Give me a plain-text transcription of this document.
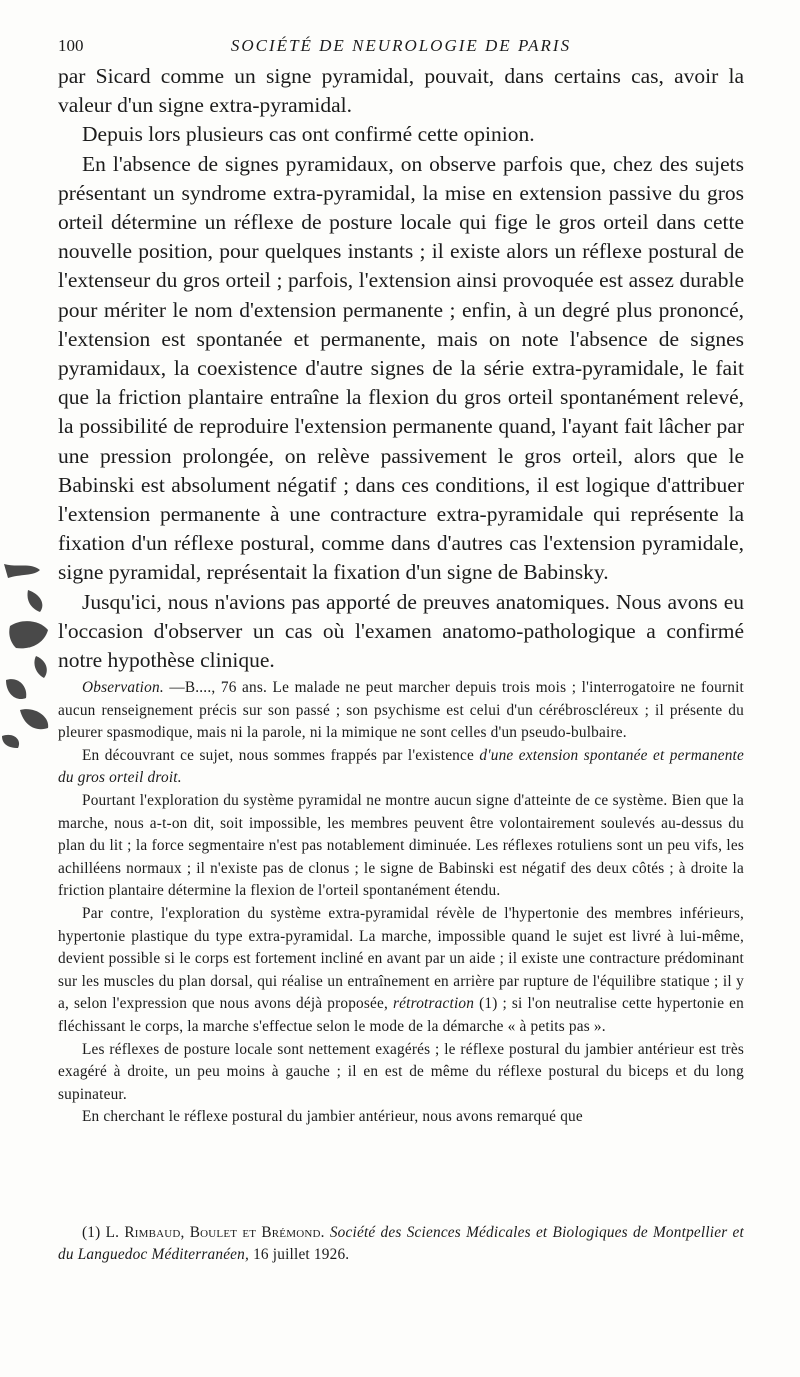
100	SOCIÉTÉ DE NEUROLOGIE DE PARIS

par Sicard comme un signe pyramidal, pouvait, dans certains cas, avoir la valeur d'un signe extra-pyramidal.

Depuis lors plusieurs cas ont confirmé cette opinion.

En l'absence de signes pyramidaux, on observe parfois que, chez des sujets présentant un syndrome extra-pyramidal, la mise en extension passive du gros orteil détermine un réflexe de posture locale qui fige le gros orteil dans cette nouvelle position, pour quelques instants ; il existe alors un réflexe postural de l'extenseur du gros orteil ; parfois, l'extension ainsi provoquée est assez durable pour mériter le nom d'extension permanente ; enfin, à un degré plus prononcé, l'extension est spontanée et permanente, mais on note l'absence de signes pyramidaux, la coexistence d'autre signes de la série extra-pyramidale, le fait que la friction plantaire entraîne la flexion du gros orteil spontanément relevé, la possibilité de reproduire l'extension permanente quand, l'ayant fait lâcher par une pression prolongée, on relève passivement le gros orteil, alors que le Babinski est absolument négatif ; dans ces conditions, il est logique d'attribuer l'extension permanente à une contracture extra-pyramidale qui représente la fixation d'un réflexe postural, comme dans d'autres cas l'extension pyramidale, signe pyramidal, représentait la fixation d'un signe de Babinsky.

Jusqu'ici, nous n'avions pas apporté de preuves anatomiques. Nous avons eu l'occasion d'observer un cas où l'examen anatomo-pathologique a confirmé notre hypothèse clinique.

Observation. —B...., 76 ans. Le malade ne peut marcher depuis trois mois ; l'interrogatoire ne fournit aucun renseignement précis sur son passé ; son psychisme est celui d'un cérébroscléreux ; il présente du pleurer spasmodique, mais ni la parole, ni la mimique ne sont celles d'un pseudo-bulbaire.

En découvrant ce sujet, nous sommes frappés par l'existence d'une extension spontanée et permanente du gros orteil droit.

Pourtant l'exploration du système pyramidal ne montre aucun signe d'atteinte de ce système. Bien que la marche, nous a-t-on dit, soit impossible, les membres peuvent être volontairement soulevés au-dessus du plan du lit ; la force segmentaire n'est pas notablement diminuée. Les réflexes rotuliens sont un peu vifs, les achilléens normaux ; il n'existe pas de clonus ; le signe de Babinski est négatif des deux côtés ; à droite la friction plantaire détermine la flexion de l'orteil spontanément étendu.

Par contre, l'exploration du système extra-pyramidal révèle de l'hypertonie des membres inférieurs, hypertonie plastique du type extra-pyramidal. La marche, impossible quand le sujet est livré à lui-même, devient possible si le corps est fortement incliné en avant par un aide ; il existe une contracture prédominant sur les muscles du plan dorsal, qui réalise un entraînement en arrière par rupture de l'équilibre statique ; il y a, selon l'expression que nous avons déjà proposée, rétrotraction (1) ; si l'on neutralise cette hypertonie en fléchissant le corps, la marche s'effectue selon le mode de la démarche « à petits pas ».

Les réflexes de posture locale sont nettement exagérés ; le réflexe postural du jambier antérieur est très exagéré à droite, un peu moins à gauche ; il en est de même du réflexe postural du biceps et du long supinateur.

En cherchant le réflexe postural du jambier antérieur, nous avons remarqué que

(1) L. Rimbaud, Boulet et Brémond. Société des Sciences Médicales et Biologiques de Montpellier et du Languedoc Méditerranéen, 16 juillet 1926.
